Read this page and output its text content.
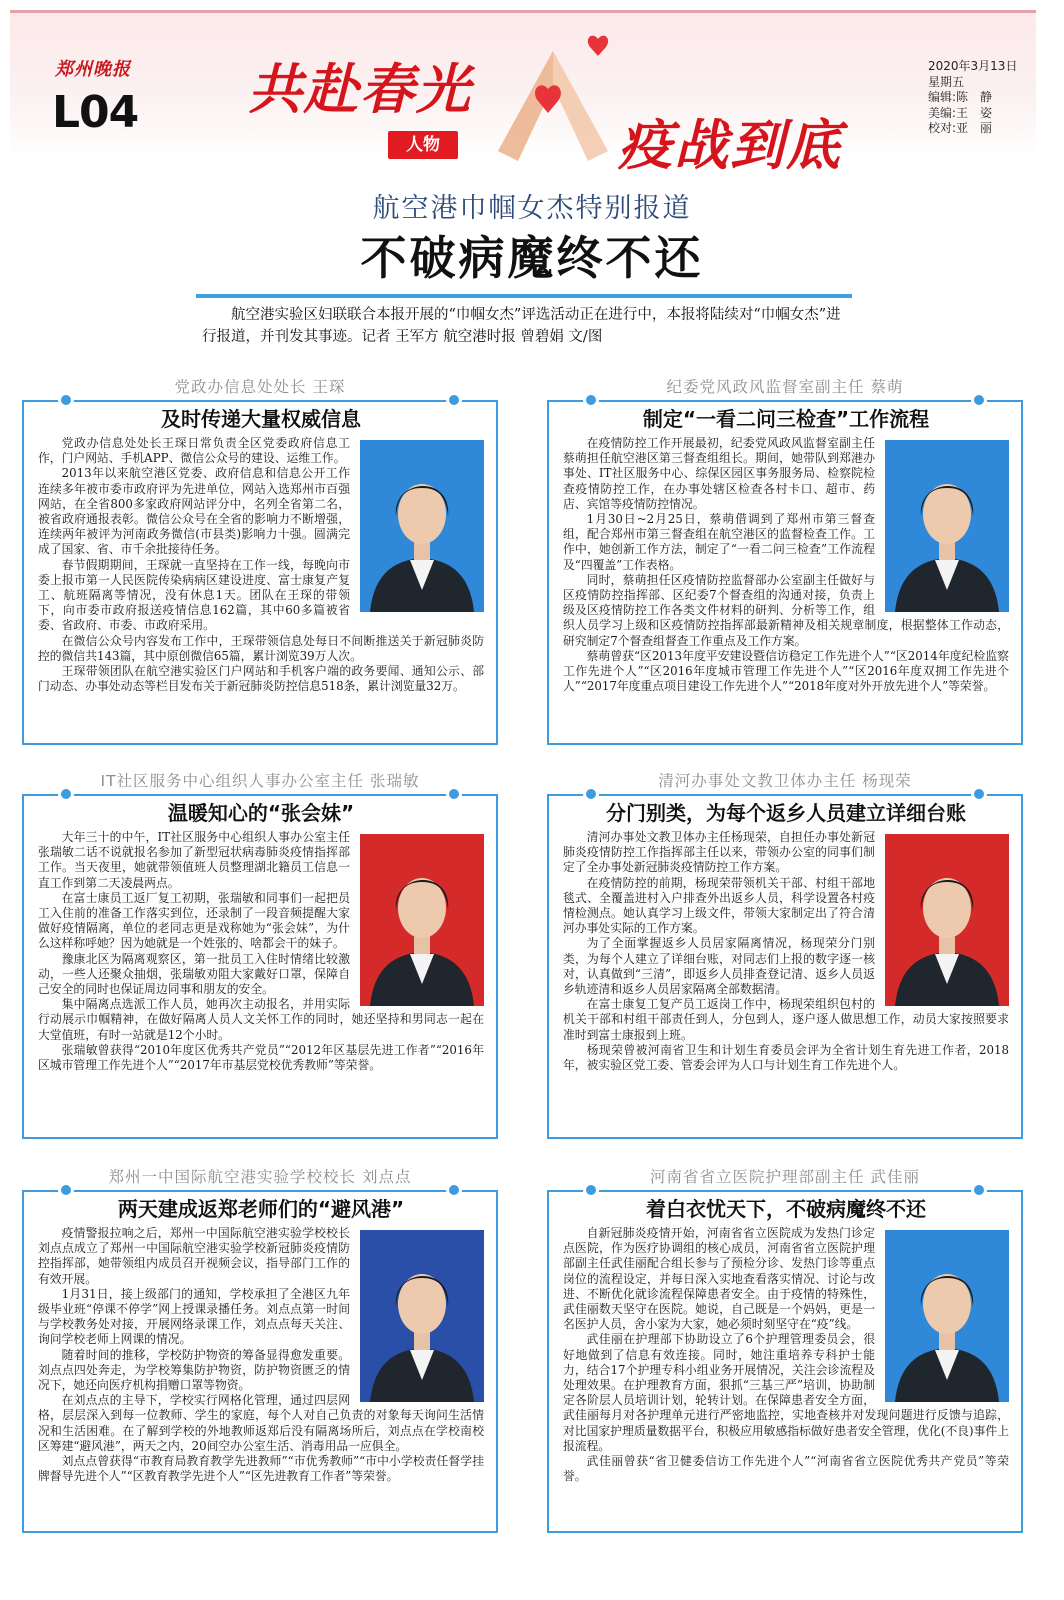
郑州晚报
L04 共赴春光
疫战到底
人物
2020年3月13日
星期五
编辑:陈　静
美编:王　姿
校对:亚　丽
航空港巾帼女杰特别报道
不破病魔终不还
航空港实验区妇联联合本报开展的“巾帼女杰”评选活动正在进行中，本报将陆续对“巾帼女杰”进行报道，并刊发其事迹。记者 王军方 航空港时报 曾碧娟 文/图
党政办信息处处长 王琛
及时传递大量权威信息

党政办信息处处长王琛日常负责全区党委政府信息工作，门户网站、手机APP、微信公众号的建设、运维工作。

2013年以来航空港区党委、政府信息和信息公开工作连续多年被市委市政府评为先进单位，网站入选郑州市百强网站，在全省800多家政府网站评分中，名列全省第二名，被省政府通报表彰。微信公众号在全省的影响力不断增强，连续两年被评为河南政务微信(市县类)影响力十强。圆满完成了国家、省、市千余批接待任务。

春节假期期间，王琛就一直坚持在工作一线，每晚向市委上报市第一人民医院传染病病区建设进度、富士康复产复工、航班隔离等情况，没有休息1天。团队在王琛的带领下，向市委市政府报送疫情信息162篇，其中60多篇被省委、省政府、市委、市政府采用。

在微信公众号内容发布工作中，王琛带领信息处每日不间断推送关于新冠肺炎防控的微信共143篇，其中原创微信65篇，累计浏览39万人次。

王琛带领团队在航空港实验区门户网站和手机客户端的政务要闻、通知公示、部门动态、办事处动态等栏目发布关于新冠肺炎防控信息518条，累计浏览量32万。

纪委党风政风监督室副主任 蔡萌
制定“一看二问三检查”工作流程

在疫情防控工作开展最初，纪委党风政风监督室副主任蔡萌担任航空港区第三督查组组长。期间，她带队到郑港办事处、IT社区服务中心、综保区园区事务服务局、检察院检查疫情防控工作，在办事处辖区检查各村卡口、超市、药店、宾馆等疫情防控情况。

1月30日~2月25日，蔡萌借调到了郑州市第三督查组，配合郑州市第三督查组在航空港区的监督检查工作。工作中，她创新工作方法，制定了“一看二问三检查”工作流程及“四覆盖”工作表格。

同时，蔡萌担任区疫情防控监督部办公室副主任做好与区疫情防控指挥部、区纪委7个督查组的沟通对接，负责上级及区疫情防控工作各类文件材料的研判、分析等工作，组织人员学习上级和区疫情防控指挥部最新精神及相关规章制度，根据整体工作动态，研究制定7个督查组督查工作重点及工作方案。

蔡萌曾获“区2013年度平安建设暨信访稳定工作先进个人”“区2014年度纪检监察工作先进个人”“区2016年度城市管理工作先进个人”“区2016年度双拥工作先进个人”“2017年度重点项目建设工作先进个人”“2018年度对外开放先进个人”等荣誉。

IT社区服务中心组织人事办公室主任 张瑞敏
温暖知心的“张会妹”

大年三十的中午，IT社区服务中心组织人事办公室主任张瑞敏二话不说就报名参加了新型冠状病毒肺炎疫情指挥部工作。当天夜里，她就带领值班人员整理湖北籍员工信息一直工作到第二天凌晨两点。

在富士康员工返厂复工初期，张瑞敏和同事们一起把员工入住前的准备工作落实到位，还录制了一段音频提醒大家做好疫情隔离，单位的老同志更是戏称她为“张会妹”，为什么这样称呼她？因为她就是一个姓张的、啥都会干的妹子。

豫康北区为隔离观察区，第一批员工入住时情绪比较激动，一些人还聚众抽烟，张瑞敏劝阻大家戴好口罩，保障自己安全的同时也保证周边同事和朋友的安全。

集中隔离点选派工作人员，她再次主动报名，并用实际行动展示巾帼精神，在做好隔离人员人文关怀工作的同时，她还坚持和男同志一起在大堂值班，有时一站就是12个小时。

张瑞敏曾获得“2010年度区优秀共产党员”“2012年区基层先进工作者”“2016年区城市管理工作先进个人”“2017年市基层党校优秀教师”等荣誉。

清河办事处文教卫体办主任 杨现荣
分门别类，为每个返乡人员建立详细台账

清河办事处文教卫体办主任杨现荣，自担任办事处新冠肺炎疫情防控工作指挥部主任以来，带领办公室的同事们制定了全办事处新冠肺炎疫情防控工作方案。

在疫情防控的前期，杨现荣带领机关干部、村组干部地毯式、全覆盖进村入户排查外出返乡人员，科学设置各村疫情检测点。她认真学习上级文件，带领大家制定出了符合清河办事处实际的工作方案。

为了全面掌握返乡人员居家隔离情况，杨现荣分门别类，为每个人建立了详细台账，对同志们上报的数字逐一核对，认真做到“三清”，即返乡人员排查登记清、返乡人员返乡轨迹清和返乡人员居家隔离全部数据清。

在富士康复工复产员工返岗工作中，杨现荣组织包村的机关干部和村组干部责任到人，分包到人，逐户逐人做思想工作，动员大家按照要求准时到富士康报到上班。

杨现荣曾被河南省卫生和计划生育委员会评为全省计划生育先进工作者，2018年，被实验区党工委、管委会评为人口与计划生育工作先进个人。

郑州一中国际航空港实验学校校长 刘点点
两天建成返郑老师们的“避风港”

疫情警报拉响之后，郑州一中国际航空港实验学校校长刘点点成立了郑州一中国际航空港实验学校新冠肺炎疫情防控指挥部，她带领组内成员召开视频会议，指导部门工作的有效开展。

1月31日，接上级部门的通知，学校承担了全港区九年级毕业班“停课不停学”网上授课录播任务。刘点点第一时间与学校教务处对接，开展网络录课工作，刘点点每天关注、询问学校老师上网课的情况。

随着时间的推移，学校防护物资的筹备显得愈发重要。刘点点四处奔走，为学校筹集防护物资，防护物资匮乏的情况下，她还向医疗机构捐赠口罩等物资。

在刘点点的主导下，学校实行网格化管理，通过四层网格，层层深入到每一位教师、学生的家庭，每个人对自己负责的对象每天询问生活情况和生活困难。在了解到学校的外地教师返郑后没有隔离场所后，刘点点在学校南校区筹建“避风港”，两天之内，20间空办公室生活、消毒用品一应俱全。

刘点点曾获得“市教育局教育教学先进教师”“市优秀教师”“市中小学校责任督学挂牌督导先进个人”“区教育教学先进个人”“区先进教育工作者”等荣誉。

河南省省立医院护理部副主任 武佳丽
着白衣忧天下，不破病魔终不还

自新冠肺炎疫情开始，河南省省立医院成为发热门诊定点医院，作为医疗协调组的核心成员，河南省省立医院护理部副主任武佳丽配合组长参与了预检分诊、发热门诊等重点岗位的流程设定，并每日深入实地查看落实情况、讨论与改进、不断优化就诊流程保障患者安全。由于疫情的特殊性，武佳丽数天坚守在医院。她说，自己既是一个妈妈，更是一名医护人员，舍小家为大家，她必须时刻坚守在“疫”线。

武佳丽在护理部下协助设立了6个护理管理委员会，很好地做到了信息有效连接。同时，她注重培养专科护士能力，结合17个护理专科小组业务开展情况，关注会诊流程及处理效果。在护理教育方面，狠抓“三基三严”培训，协助制定各阶层人员培训计划，轮转计划。在保障患者安全方面，武佳丽每月对各护理单元进行严密地监控，实地查核并对发现问题进行反馈与追踪，对比国家护理质量数据平台，积极应用敏感指标做好患者安全管理，优化(不良)事件上报流程。

武佳丽曾获“省卫健委信访工作先进个人”“河南省省立医院优秀共产党员”等荣誉。
